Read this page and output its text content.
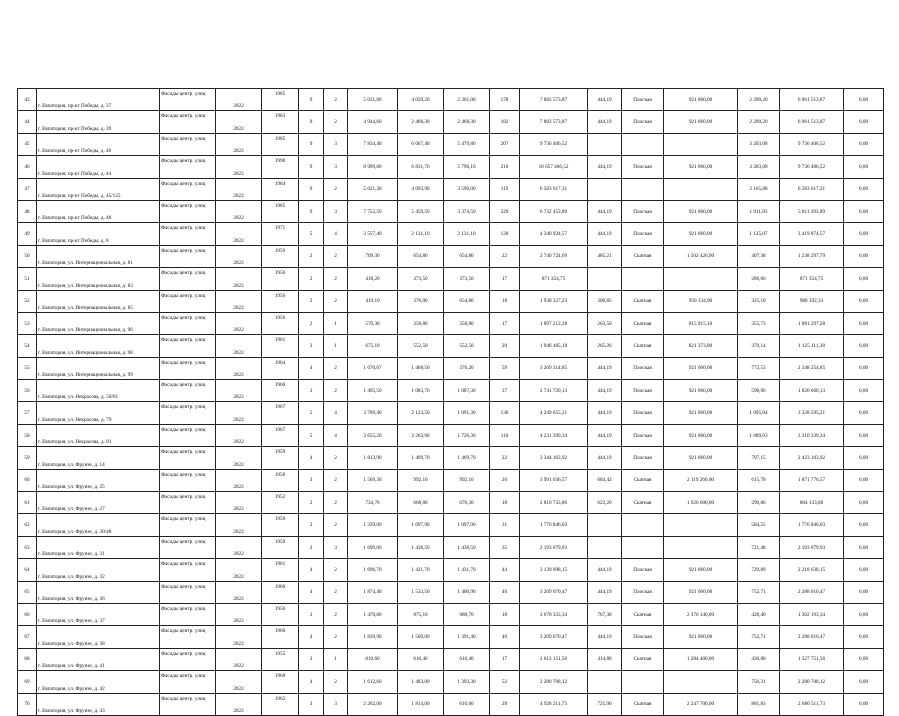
43	г. Евпатория, пр-кт Победы, д. 37	Фасады центр. улиц	2022	1985	9	2	5 031,80	4 039,20	2 361,00	178	7 882 573,87	444,19	Плоская	921 060,00	2 290,20	6 961 513,87	0,00
44	г. Евпатория, пр-кт Победы, д. 39	Фасады центр. улиц	2022	1983	9	2	4 944,60	2 468,30	2 468,30	182	7 882 573,87	444,19	Плоская	921 060,00	2 290,20	6 961 513,87	0,00
45	г. Евпатория, пр-кт Победы, д. 40	Фасады центр. улиц	2022	1985	9	3	7 834,40	6 067,40	5 479,80	207	9 736 406,52				3 203,08	9 736 406,52	0,00
46	г. Евпатория, пр-кт Победы, д. 44	Фасады центр. улиц	2022	1990	9	3	8 999,80	6 831,70	5 796,10	210	10 657 466,52	444,19	Плоская	921 060,00	3 203,08	9 736 406,52	0,00
47	г. Евпатория, пр-кт Победы, д. 45/125	Фасады центр. улиц	2022	1984	9	2	5 621,30	4 093,90	3 596,00	119	6 583 617,31				2 165,88	6 583 617,31	0,00
48	г. Евпатория, пр-кт Победы, д. 48	Фасады центр. улиц	2022	1985	9	3	7 752,50	5 459,50	3 374,50	229	6 732 453,89	444,19	Плоская	921 060,00	1 911,83	5 811 393,89	0,00
49	г. Евпатория, пр-кт Победы, д. 8	Фасады центр. улиц	2022	1971	5	4	3 557,40	2 131,10	2 131,10	120	4 340 934,57	444,19	Плоская	921 060,00	1 125,07	3 419 874,57	0,00
50	г. Евпатория, ул. Интернациональная, д. 81	Фасады центр. улиц	2022	1959	2	2	709,30	654,80	654,80	22	2 740 724,69	485,21	Скатная	1 502 426,90	407,38	1 238 297,79	0,00
51	г. Евпатория, ул. Интернациональная, д. 83	Фасады центр. улиц	2022	1956	2	2	418,20	373,50	373,50	17	871 354,75				286,66	871 354,75	0,00
52	г. Евпатория, ул. Интернациональная, д. 85	Фасады центр. улиц	2022	1956	2	2	419,10	376,00	654,80	18	1 938 327,23	306,85	Скатная	950 134,90	325,10	988 192,33	0,00
53	г. Евпатория, ул. Интернациональная, д. 96	Фасады центр. улиц	2022	1956	2	1	570,30	358,80	358,80	17	1 897 212,38	263,50	Скатная	815 915,10	355,73	1 081 297,28	0,00
54	г. Евпатория, ул. Интернациональная, д. 98	Фасады центр. улиц	2022	1961	3	1	675,10	552,50	552,50	20	1 946 485,18	265,26	Скатная	821 373,80	370,14	1 125 111,38	0,00
55	г. Евпатория, ул. Интернациональная, д. 99	Фасады центр. улиц	2022	1964	4	2	1 670,67	1 468,50	376,20	59	3 269 314,85	444,19	Плоская	921 060,00	772,53	2 348 254,85	0,00
56	г. Евпатория, ул. Некрасова, д. 50/61	Фасады центр. улиц	2022	1960	3	2	1 495,50	1 083,70	1 087,30	37	2 741 720,13	444,19	Плоская	921 060,00	598,96	1 820 660,13	0,00
57	г. Евпатория, ул. Некрасова, д. 79	Фасады центр. улиц	2022	1967	5	4	3 789,40	2 123,50	1 091,30	136	4 249 655,21	444,19	Плоская	921 060,00	1 095,04	3 328 595,21	0,00
58	г. Евпатория, ул. Некрасова, д. 81	Фасады центр. улиц	2022	1967	5	4	3 655,20	2 263,90	1 726,30	110	4 231 399,34	444,19	Плоская	921 060,00	1 089,03	3 310 339,34	0,00
59	г. Евпатория, ул. Фрунзе, д. 14	Фасады центр. улиц	2022	1959	4	2	1 813,90	1 469,70	1 469,70	22	3 344 163,92	444,19	Плоская	921 060,00	797,15	2 423 103,92	0,00
60	г. Евпатория, ул. Фрунзе, д. 25	Фасады центр. улиц	2022	1950	3	2	1 569,30	992,10	992,10	20	3 991 036,57	684,42	Скатная	2 119 260,00	615,78	1 871 776,57	0,00
61	г. Евпатория, ул. Фрунзе, д. 27	Фасады центр. улиц	2022	1952	2	2	734,70	668,80	670,30	18	2 810 733,86	622,20	Скатная	1 926 600,00	290,86	884 133,86	0,00
62	г. Евпатория, ул. Фрунзе, д. 30/48	Фасады центр. улиц	2022	1959	3	2	1 339,00	1 097,90	1 097,90	31	1 776 846,03				584,55	1 776 846,03	0,00
63	г. Евпатория, ул. Фрунзе, д. 31	Фасады центр. улиц	2022	1959	3	3	1 699,00	1 438,50	1 438,50	35	2 193 079,93				721,48	2 193 079,93	0,00
64	г. Евпатория, ул. Фрунзе, д. 32	Фасады центр. улиц	2022	1961	4	2	1 696,70	1 431,70	1 431,70	44	3 139 698,15	444,19	Плоская	921 060,00	729,89	2 218 638,15	0,00
65	г. Евпатория, ул. Фрунзе, д. 36	Фасады центр. улиц	2022	1960	4	2	1 874,40	1 533,50	1 400,90	40	3 209 070,47	444,19	Плоская	921 060,00	752,71	2 288 010,47	0,00
66	г. Евпатория, ул. Фрунзе, д. 37	Фасады центр. улиц	2022	1956	3	2	1 470,80	875,10	988,70	18	3 678 333,34	767,38	Скатная	2 376 140,00	428,40	1 302 193,34	0,00
67	г. Евпатория, ул. Фрунзе, д. 38	Фасады центр. улиц	2022	1960	4	2	1 839,90	1 569,00	1 391,40	40	3 209 070,47	444,19	Плоская	921 060,00	752,71	2 288 010,47	0,00
68	г. Евпатория, ул. Фрунзе, д. 41	Фасады центр. улиц	2022	1955	3	1	810,60	616,40	616,40	17	2 612 151,56	414,80	Скатная	1 284 400,00	436,80	1 327 751,56	0,00
69	г. Евпатория, ул. Фрунзе, д. 42	Фасады центр. улиц	2022	1960	4	2	1 612,60	1 483,00	1 393,30	52	2 280 708,12				750,31	2 280 708,12	0,00
70	г. Евпатория, ул. Фрунзе, д. 43	Фасады центр. улиц	2022	1962	3	3	2 262,00	1 814,00	616,60	28	4 928 211,73	725,90	Скатная	2 247 700,00	881,83	2 680 511,73	0,00
